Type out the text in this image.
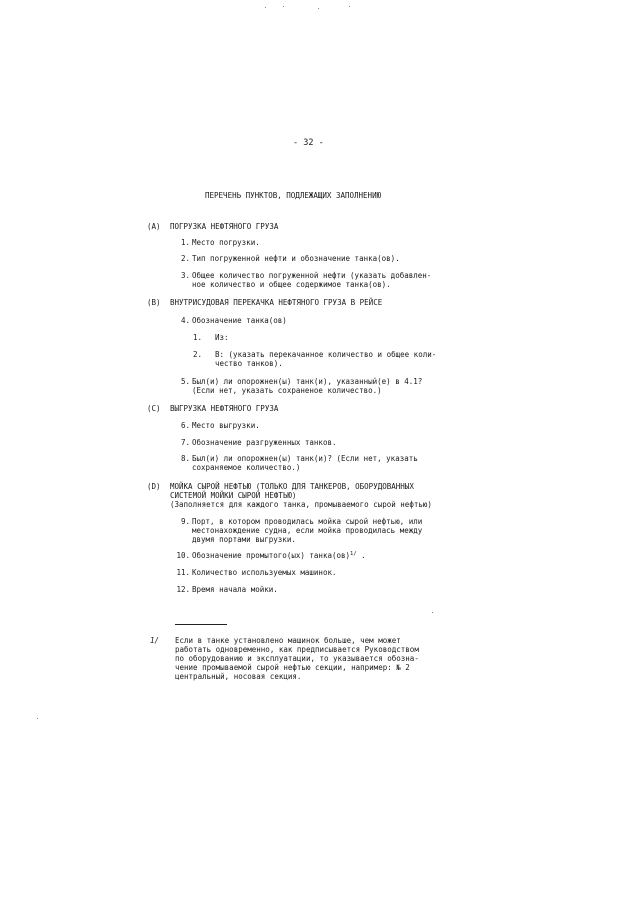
- 32 -
ПЕРЕЧЕНЬ ПУНКТОВ, ПОДЛЕЖАЩИХ ЗАПОЛНЕНИЮ
(A) ПОГРУЗКА НЕФТЯНОГО ГРУЗА
1. Место погрузки.
2. Тип погруженной нефти и обозначение танка(ов).
3. Общее количество погруженной нефти (указать добавлен-
ное количество и общее содержимое танка(ов).
(B) ВНУТРИСУДОВАЯ ПЕРЕКАЧКА НЕФТЯНОГО ГРУЗА В РЕЙСЕ
4. Обозначение танка(ов)
1. Из:
2. В: (указать перекачанное количество и общее коли-
чество танков).
5. Был(и) ли опорожнен(ы) танк(и), указанный(е) в 4.1?
(Если нет, указать сохраненое количество.)
(C) ВЫГРУЗКА НЕФТЯНОГО ГРУЗА
6. Место выгрузки.
7. Обозначение разгруженных танков.
8. Был(и) ли опорожнен(ы) танк(и)? (Если нет, указать
сохраняемое количество.)
(D) МОЙКА СЫРОЙ НЕФТЬЮ (ТОЛЬКО ДЛЯ ТАНКЕРОВ, ОБОРУДОВАННЫХ
СИСТЕМОЙ МОЙКИ СЫРОЙ НЕФТЬЮ)
(Заполняется для каждого танка, промываемого сырой нефтью)
9. Порт, в котором проводилась мойка сырой нефтью, или
местонахождение судна, если мойка проводилась между
двумя портами выгрузки.
10. Обозначение промытого(ых) танка(ов)$^{1/}$ .
11. Количество используемых машинок.
12. Время начала мойки.
1/ Если в танке установлено машинок больше, чем может
работать одновременно, как предписывается Руководством
по оборудованию и эксплуатации, то указывается обозна-
чение промываемой сырой нефтью секции, например: № 2
центральный, носовая секция.
